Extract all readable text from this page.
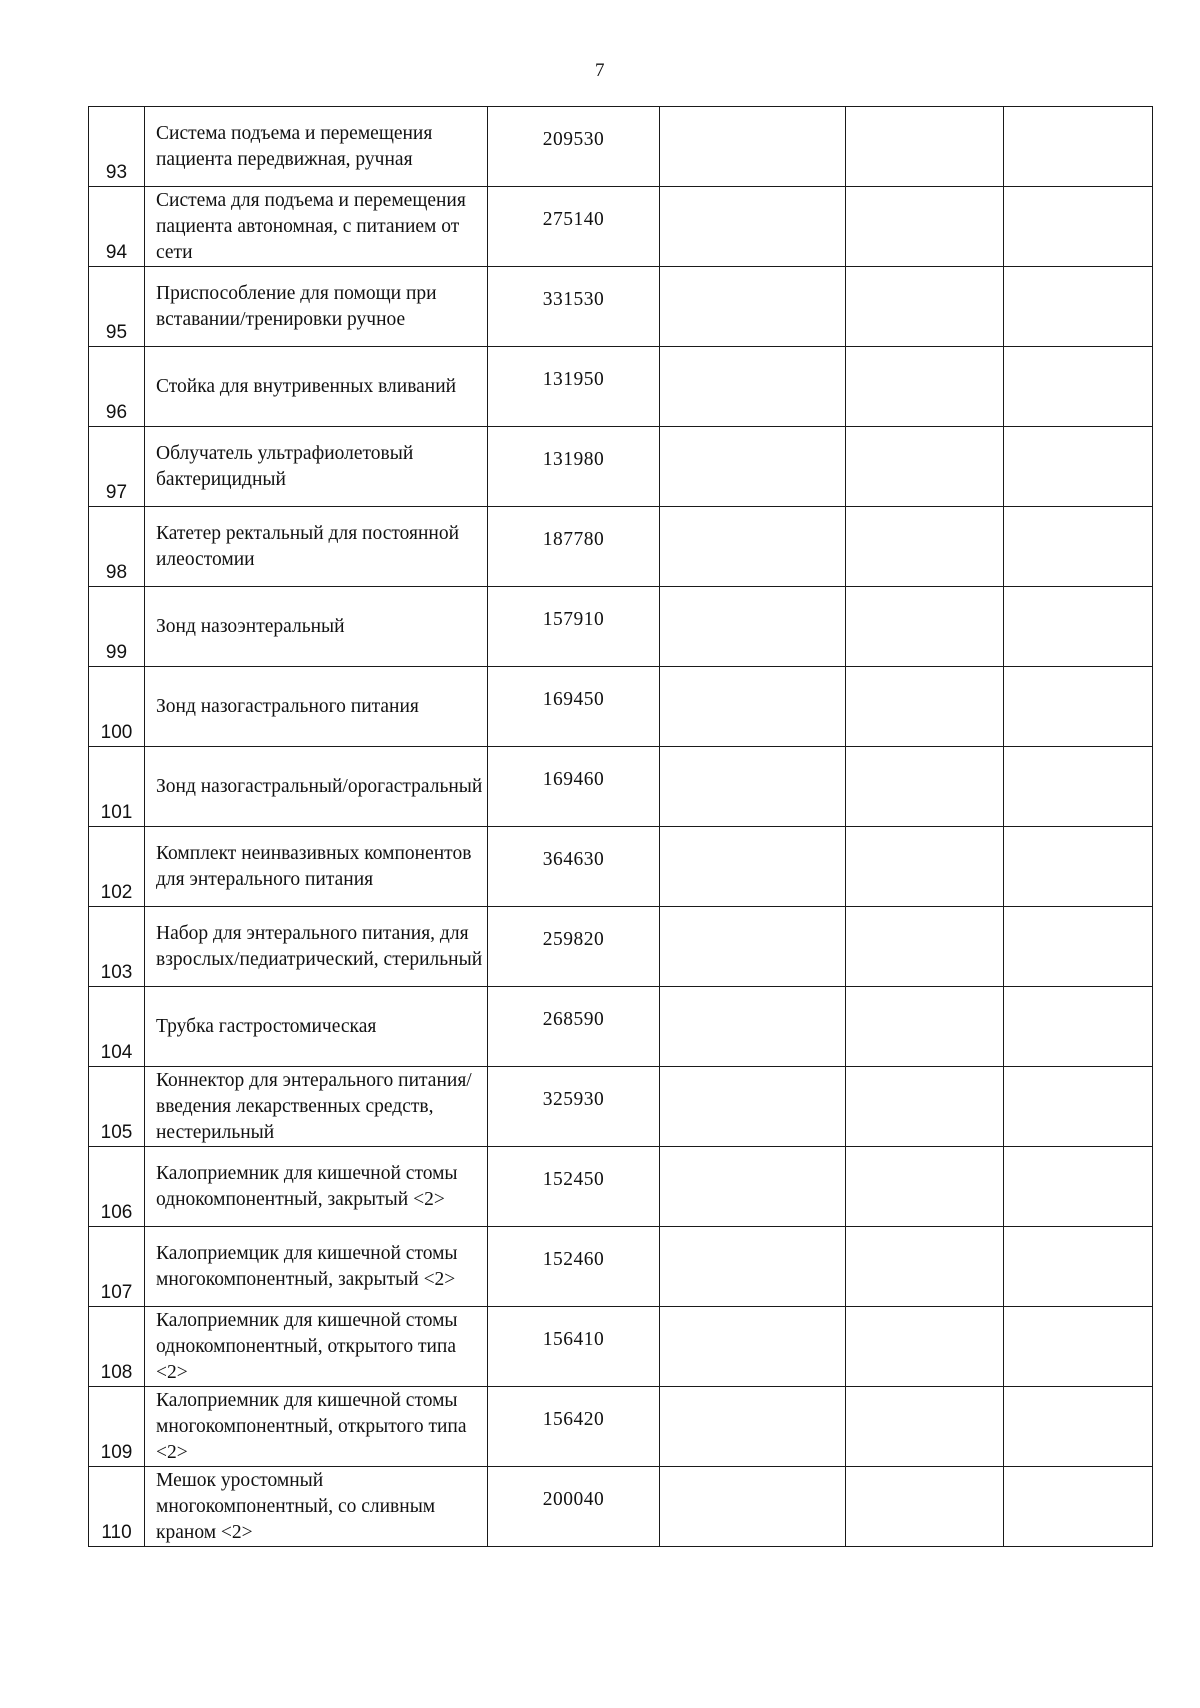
7
93	Система подъема и перемещения пациента передвижная, ручная	209530			
94	Система для подъема и перемещения пациента автономная, с питанием от сети	275140			
95	Приспособление для помощи при вставании/тренировки ручное	331530			
96	Стойка для внутривенных вливаний	131950			
97	Облучатель ультрафиолетовый бактерицидный	131980			
98	Катетер ректальный для постоянной илеостомии	187780			
99	Зонд назоэнтеральный	157910			
100	Зонд назогастрального питания	169450			
101	Зонд назогастральный/орогастральный	169460			
102	Комплект неинвазивных компонентов для энтерального питания	364630			
103	Набор для энтерального питания, для взрослых/педиатрический, стерильный	259820			
104	Трубка гастростомическая	268590			
105	Коннектор для энтерального питания/введения лекарственных средств, нестерильный	325930			
106	Калоприемник для кишечной стомы однокомпонентный, закрытый <2>	152450			
107	Калоприемцик для кишечной стомы многокомпонентный, закрытый <2>	152460			
108	Калоприемник для кишечной стомы однокомпонентный, открытого типа <2>	156410			
109	Калоприемник для кишечной стомы многокомпонентный, открытого типа <2>	156420			
110	Мешок уростомный многокомпонентный, со сливным краном <2>	200040			
